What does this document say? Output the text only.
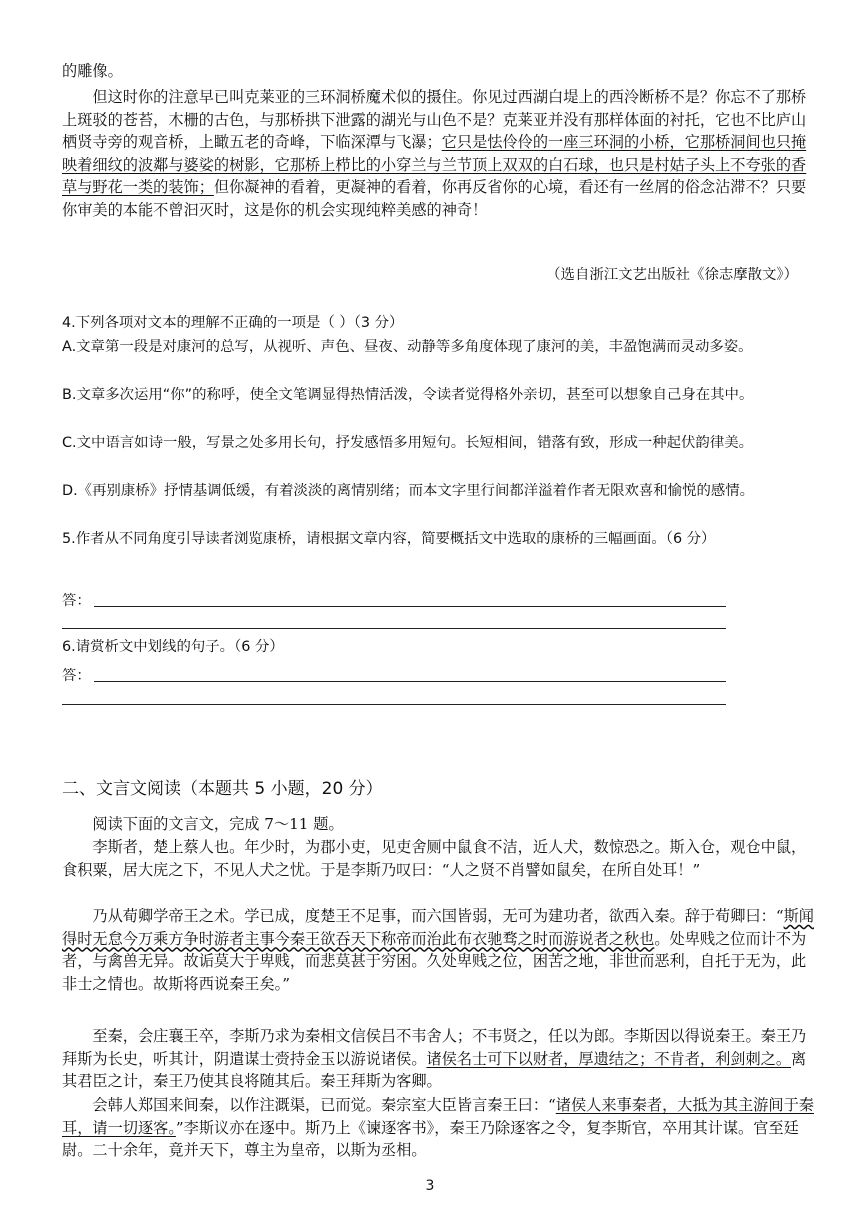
的雕像。

但这时你的注意早已叫克莱亚的三环洞桥魔术似的摄住。你见过西湖白堤上的西泠断桥不是？你忘不了那桥上斑驳的苍苔，木栅的古色，与那桥拱下泄露的湖光与山色不是？克莱亚并没有那样体面的衬托，它也不比庐山栖贤寺旁的观音桥，上瞰五老的奇峰，下临深潭与飞瀑；它只是怯伶伶的一座三环洞的小桥，它那桥洞间也只掩映着细纹的波鄰与婆娑的树影，它那桥上栉比的小穿兰与兰节顶上双双的白石球，也只是村姑子头上不夸张的香草与野花一类的装饰；但你凝神的看着，更凝神的看着，你再反省你的心境，看还有一丝屑的俗念沾滞不？只要你审美的本能不曾汩灭时，这是你的机会实现纯粹美感的神奇！

（选自浙江文艺出版社《徐志摩散文》）

4.下列各项对文本的理解不正确的一项是（ ）（3 分）

A.文章第一段是对康河的总写，从视听、声色、昼夜、动静等多角度体现了康河的美，丰盈饱满而灵动多姿。

B.文章多次运用“你”的称呼，使全文笔调显得热情活泼，令读者觉得格外亲切，甚至可以想象自己身在其中。

C.文中语言如诗一般，写景之处多用长句，抒发感悟多用短句。长短相间，错落有致，形成一种起伏韵律美。

D.《再别康桥》抒情基调低缓，有着淡淡的离情别绪；而本文字里行间都洋溢着作者无限欢喜和愉悦的感情。

5.作者从不同角度引导读者浏览康桥，请根据文章内容，简要概括文中选取的康桥的三幅画面。（6 分）

答：

6.请赏析文中划线的句子。（6 分）

答：
二、文言文阅读（本题共 5 小题，20 分）

阅读下面的文言文，完成 7～11 题。

李斯者，楚上蔡人也。年少时，为郡小吏，见吏舍厕中鼠食不洁，近人犬，数惊恐之。斯入仓，观仓中鼠，食积粟，居大庑之下，不见人犬之忧。于是李斯乃叹曰：“人之贤不肖譬如鼠矣，在所自处耳！”

乃从荀卿学帝王之术。学已成，度楚王不足事，而六国皆弱，无可为建功者，欲西入秦。辞于荀卿曰：“斯闻得时无怠今万乘方争时游者主事今秦王欲吞天下称帝而治此布衣驰骛之时而游说者之秋也。处卑贱之位而计不为者，与禽兽无异。故诟莫大于卑贱，而悲莫甚于穷困。久处卑贱之位，困苦之地，非世而恶利，自托于无为，此非士之情也。故斯将西说秦王矣。”

至秦，会庄襄王卒，李斯乃求为秦相文信侯吕不韦舍人；不韦贤之，任以为郎。李斯因以得说秦王。秦王乃拜斯为长史，听其计，阴遣谋士赍持金玉以游说诸侯。诸侯名士可下以财者，厚遗结之；不肯者，利剑刺之。离其君臣之计，秦王乃使其良将随其后。秦王拜斯为客卿。

会韩人郑国来间秦，以作注溉渠，已而觉。秦宗室大臣皆言秦王曰：“诸侯人来事秦者，大抵为其主游间于秦耳，请一切逐客。”李斯议亦在逐中。斯乃上《谏逐客书》，秦王乃除逐客之令，复李斯官，卒用其计谋。官至廷尉。二十余年，竟并天下，尊主为皇帝，以斯为丞相。

3
